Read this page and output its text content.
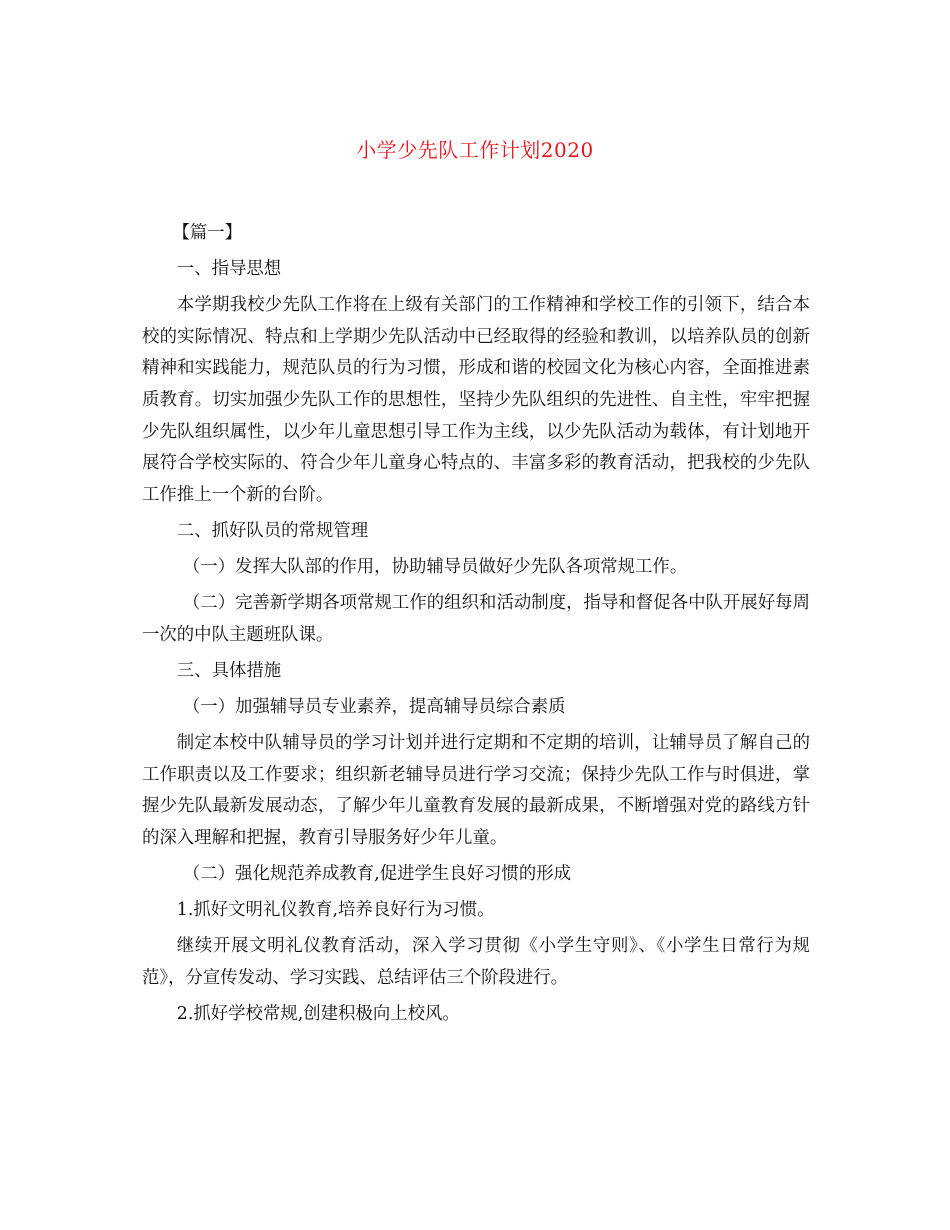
小学少先队工作计划2020

【篇一】

一、指导思想

本学期我校少先队工作将在上级有关部门的工作精神和学校工作的引领下，结合本校的实际情况、特点和上学期少先队活动中已经取得的经验和教训，以培养队员的创新精神和实践能力，规范队员的行为习惯，形成和谐的校园文化为核心内容，全面推进素质教育。切实加强少先队工作的思想性，坚持少先队组织的先进性、自主性，牢牢把握少先队组织属性，以少年儿童思想引导工作为主线，以少先队活动为载体，有计划地开展符合学校实际的、符合少年儿童身心特点的、丰富多彩的教育活动，把我校的少先队工作推上一个新的台阶。

二、抓好队员的常规管理

（一）发挥大队部的作用，协助辅导员做好少先队各项常规工作。

（二）完善新学期各项常规工作的组织和活动制度，指导和督促各中队开展好每周一次的中队主题班队课。

三、具体措施

（一）加强辅导员专业素养，提高辅导员综合素质

制定本校中队辅导员的学习计划并进行定期和不定期的培训，让辅导员了解自己的工作职责以及工作要求；组织新老辅导员进行学习交流；保持少先队工作与时俱进，掌握少先队最新发展动态，了解少年儿童教育发展的最新成果，不断增强对党的路线方针的深入理解和把握，教育引导服务好少年儿童。

（二）强化规范养成教育,促进学生良好习惯的形成

1.抓好文明礼仪教育,培养良好行为习惯。

继续开展文明礼仪教育活动，深入学习贯彻《小学生守则》、《小学生日常行为规范》，分宣传发动、学习实践、总结评估三个阶段进行。

2.抓好学校常规,创建积极向上校风。
